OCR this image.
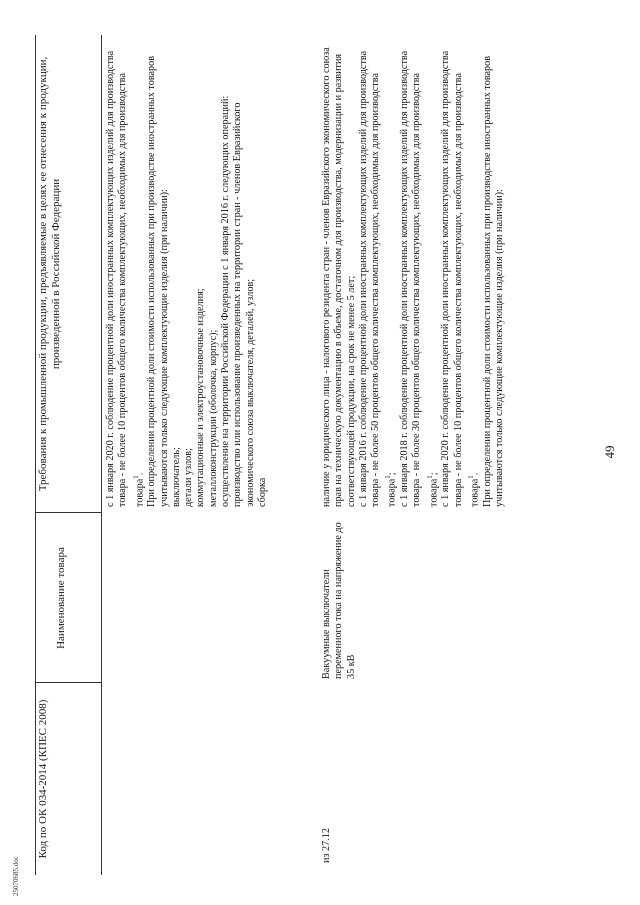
49
25070685.doc
Код по ОК 034-2014 (КПЕС 2008)
Наименование товара
Требования к промышленной продукции, предъявляемые в целях ее отнесения к продукции, произведенной в Российской Федерации	с 1 января 2020 г. соблюдение процентной доли иностранных комплектующих изделий для производства товара - не более 10 процентов общего количества комплектующих, необходимых для производства товара$^1$. При определении процентной доли стоимости использованных при производстве иностранных товаров учитываются только следующие комплектующие изделия (при наличии): выключатель; детали узлов; коммутационные и электроустановочные изделия; металлоконструкции (оболочка, корпус); осуществление на территории Российской Федерации с 1 января 2016 г. следующих операций: производство или использование произведенных на территории стран - членов Евразийского экономического союза выключателя, деталей, узлов; сборка

из 27.12
Вакуумные выключатели переменного тока на напряжение до 35 кВ

наличие у юридического лица - налогового резидента стран - членов Евразийского экономического союза прав на техническую документацию в объеме, достаточном для производства, модернизации и развития соответствующей продукции, на срок не менее 5 лет; с 1 января 2016 г. соблюдение процентной доли иностранных комплектующих изделий для производства товара - не более 50 процентов общего количества комплектующих, необходимых для производства товара$^1$; с 1 января 2018 г. соблюдение процентной доли иностранных комплектующих изделий для производства товара - не более 30 процентов общего количества комплектующих, необходимых для производства товара$^1$; с 1 января 2020 г. соблюдение процентной доли иностранных комплектующих изделий для производства товара - не более 10 процентов общего количества комплектующих, необходимых для производства товара$^1$. При определении процентной доли стоимости использованных при производстве иностранных товаров учитываются только следующие комплектующие изделия (при наличии):
